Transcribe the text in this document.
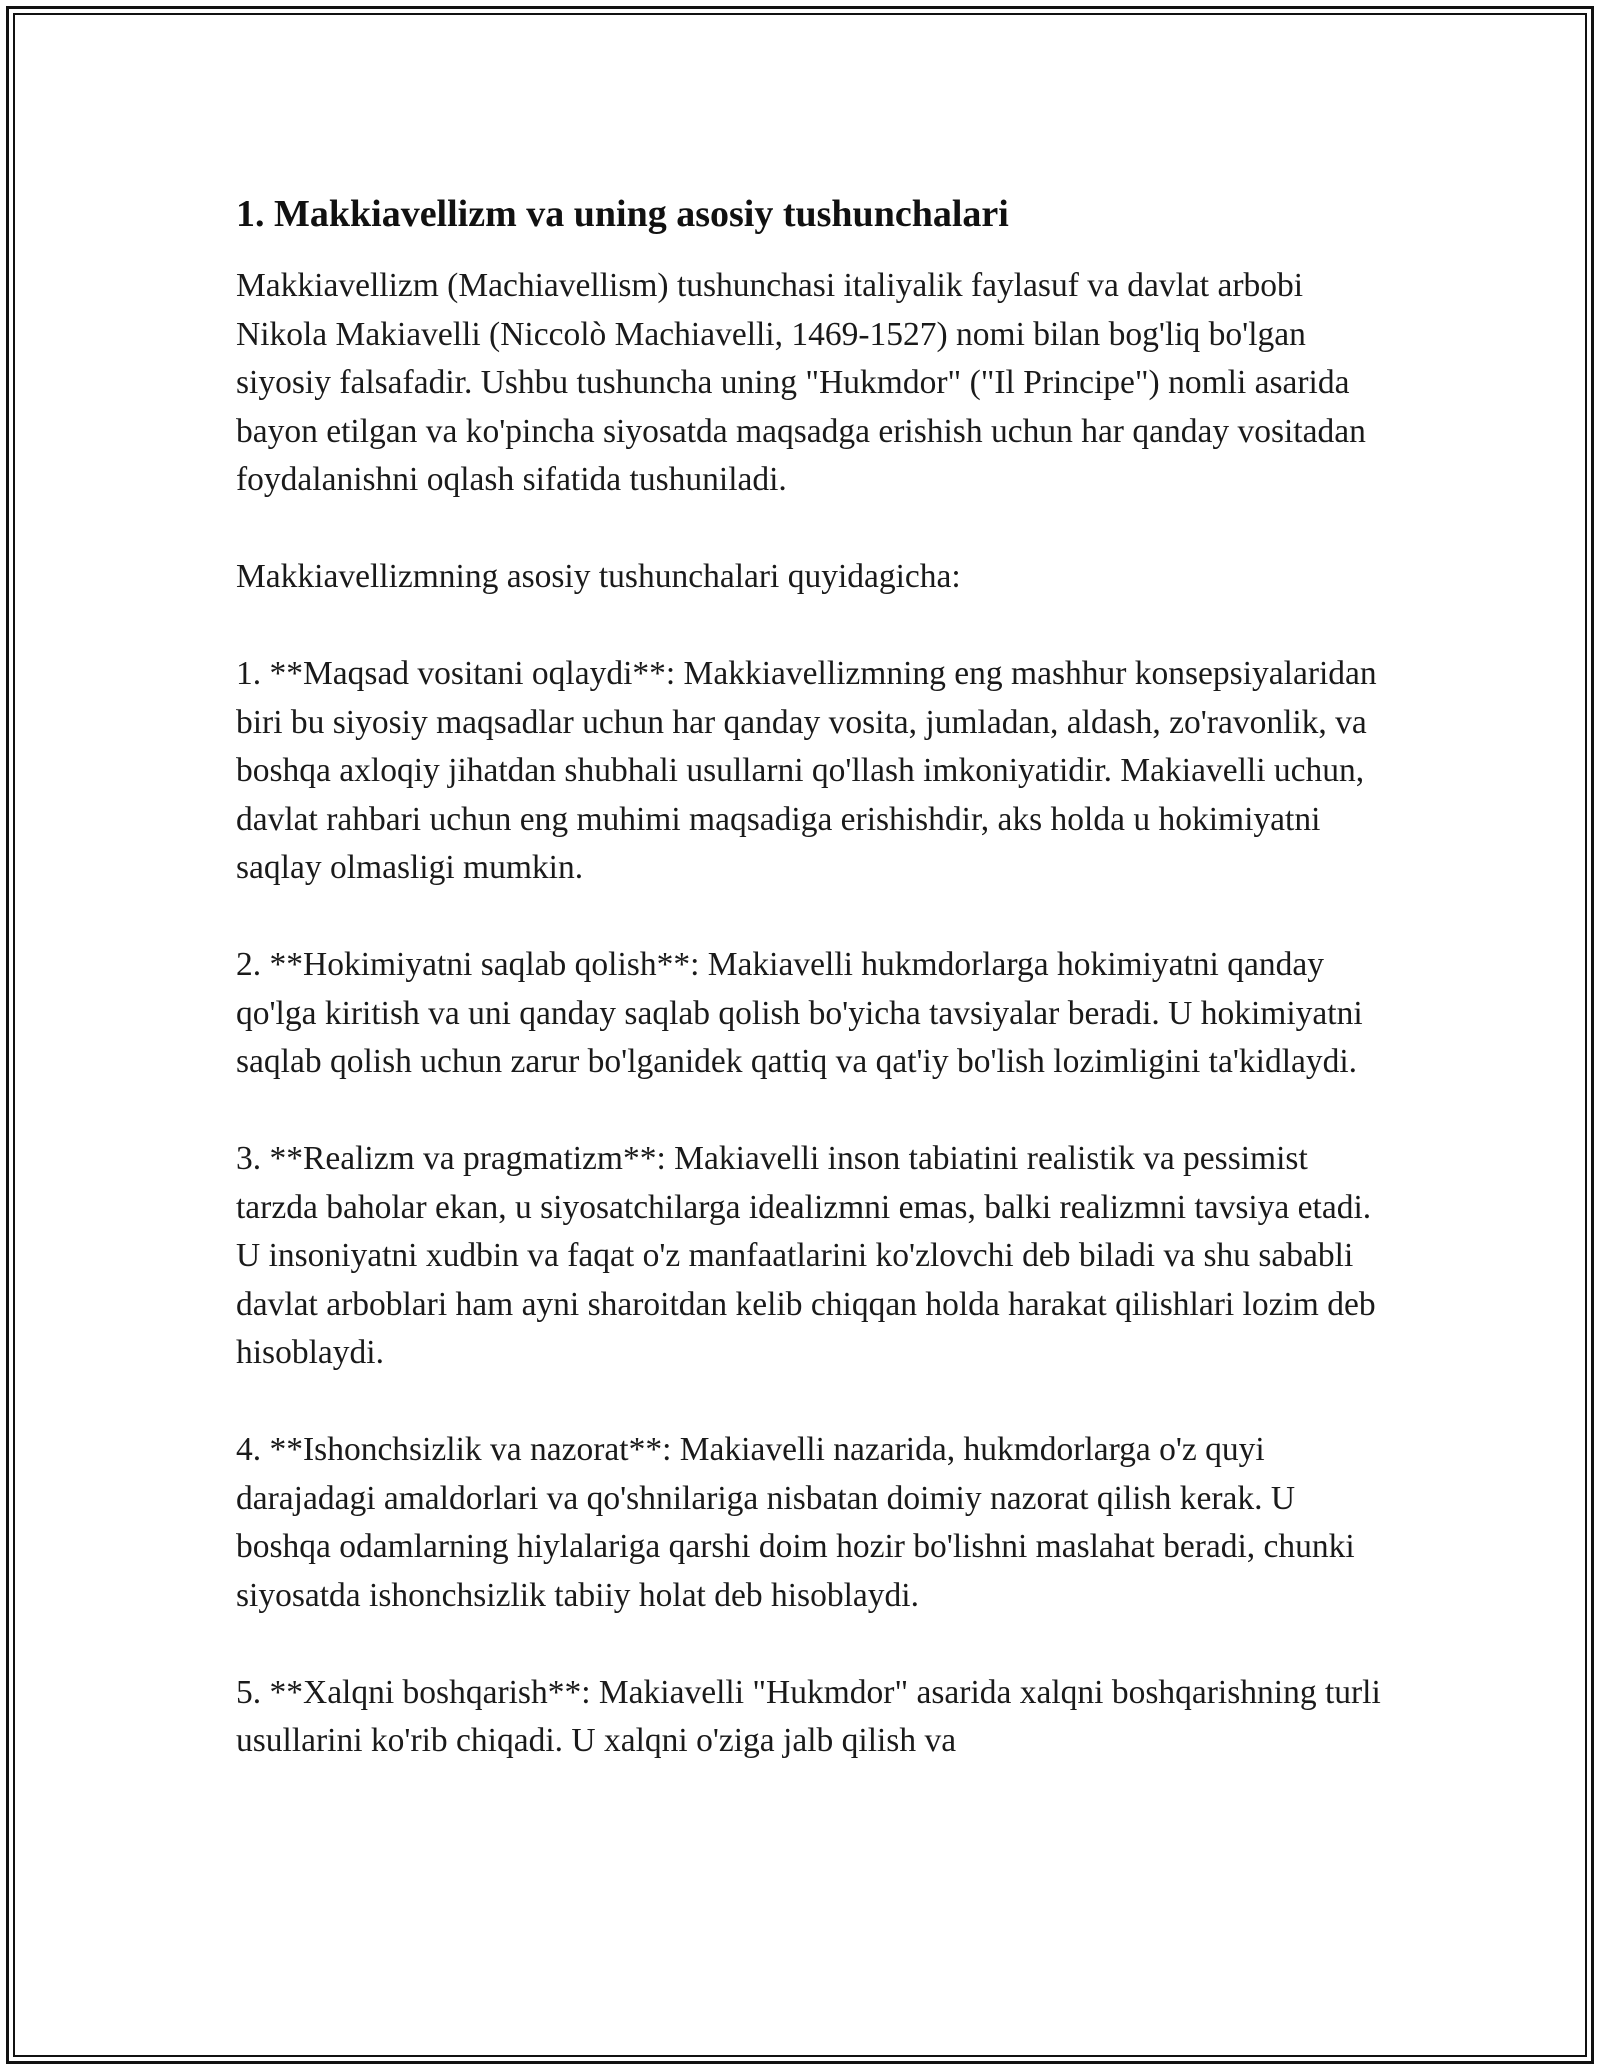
1. Makkiavellizm va uning asosiy tushunchalari

Makkiavellizm (Machiavellism) tushunchasi italiyalik faylasuf va davlat arbobi Nikola Makiavelli (Niccolò Machiavelli, 1469-1527) nomi bilan bog'liq bo'lgan siyosiy falsafadir. Ushbu tushuncha uning "Hukmdor" ("Il Principe") nomli asarida bayon etilgan va ko'pincha siyosatda maqsadga erishish uchun har qanday vositadan foydalanishni oqlash sifatida tushuniladi.

Makkiavellizmning asosiy tushunchalari quyidagicha:

1. **Maqsad vositani oqlaydi**: Makkiavellizmning eng mashhur konsepsiyalaridan biri bu siyosiy maqsadlar uchun har qanday vosita, jumladan, aldash, zo'ravonlik, va boshqa axloqiy jihatdan shubhali usullarni qo'llash imkoniyatidir. Makiavelli uchun, davlat rahbari uchun eng muhimi maqsadiga erishishdir, aks holda u hokimiyatni saqlay olmasligi mumkin.

2. **Hokimiyatni saqlab qolish**: Makiavelli hukmdorlarga hokimiyatni qanday qo'lga kiritish va uni qanday saqlab qolish bo'yicha tavsiyalar beradi. U hokimiyatni saqlab qolish uchun zarur bo'lganidek qattiq va qat'iy bo'lish lozimligini ta'kidlaydi.

3. **Realizm va pragmatizm**: Makiavelli inson tabiatini realistik va pessimist tarzda baholar ekan, u siyosatchilarga idealizmni emas, balki realizmni tavsiya etadi. U insoniyatni xudbin va faqat o'z manfaatlarini ko'zlovchi deb biladi va shu sababli davlat arboblari ham ayni sharoitdan kelib chiqqan holda harakat qilishlari lozim deb hisoblaydi.

4. **Ishonchsizlik va nazorat**: Makiavelli nazarida, hukmdorlarga o'z quyi darajadagi amaldorlari va qo'shnilariga nisbatan doimiy nazorat qilish kerak. U boshqa odamlarning hiylalariga qarshi doim hozir bo'lishni maslahat beradi, chunki siyosatda ishonchsizlik tabiiy holat deb hisoblaydi.

5. **Xalqni boshqarish**: Makiavelli "Hukmdor" asarida xalqni boshqarishning turli usullarini ko'rib chiqadi. U xalqni o'ziga jalb qilish va
